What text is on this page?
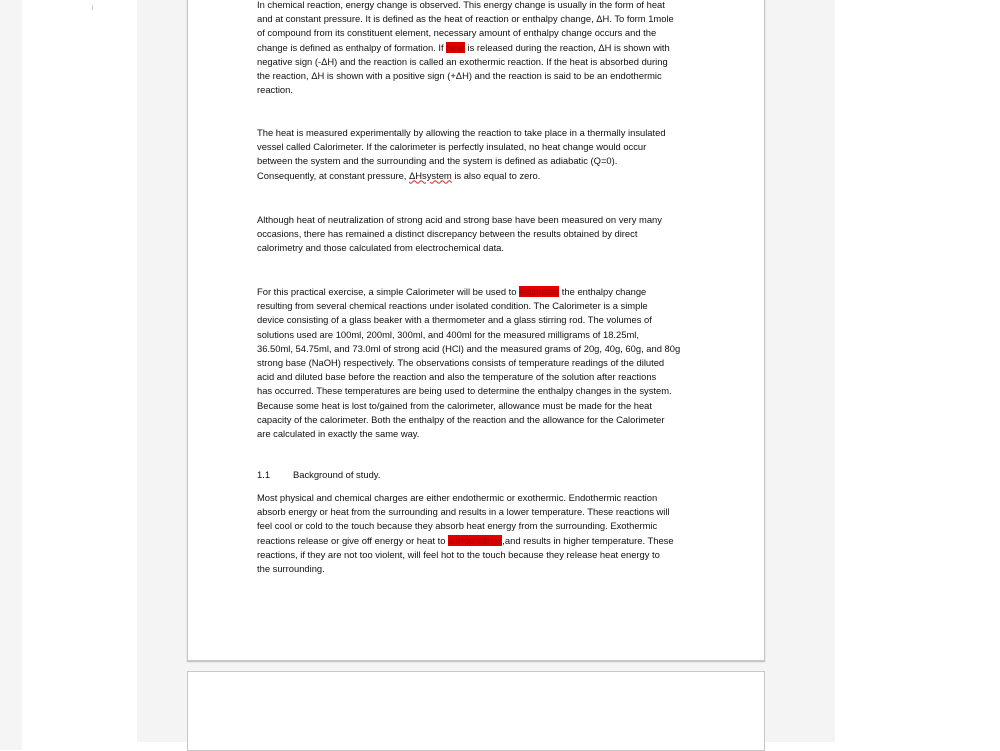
In chemical reaction, energy change is observed. This energy change is usually in the form of heat
and at constant pressure. It is defined as the heat of reaction or enthalpy change, ΔH. To form 1mole
of compound from its constituent element, necessary amount of enthalpy change occurs and the
change is defined as enthalpy of formation. If hear is released during the reaction, ΔH is shown with
negative sign (-ΔH) and the reaction is called an exothermic reaction. If the heat is absorbed during
the reaction, ΔH is shown with a positive sign (+ΔH) and the reaction is said to be an endothermic
reaction.
The heat is measured experimentally by allowing the reaction to take place in a thermally insulated
vessel called Calorimeter. If the calorimeter is perfectly insulated, no heat change would occur
between the system and the surrounding and the system is defined as adiabatic (Q=0).
Consequently, at constant pressure, ΔHsystem is also equal to zero.
Although heat of neutralization of strong acid and strong base have been measured on very many
occasions, there has remained a distinct discrepancy between the results obtained by direct
calorimetry and those calculated from electrochemical data.
For this practical exercise, a simple Calorimeter will be used to estimates the enthalpy change
resulting from several chemical reactions under isolated condition. The Calorimeter is a simple
device consisting of a glass beaker with a thermometer and a glass stirring rod. The volumes of
solutions used are 100ml, 200ml, 300ml, and 400ml for the measured milligrams of 18.25ml,
36.50ml, 54.75ml, and 73.0ml of strong acid (HCl) and the measured grams of 20g, 40g, 60g, and 80g
strong base (NaOH) respectively. The observations consists of temperature readings of the diluted
acid and diluted base before the reaction and also the temperature of the solution after reactions
has occurred. These temperatures are being used to determine the enthalpy changes in the system.
Because some heat is lost to/gained from the calorimeter, allowance must be made for the heat
capacity of the calorimeter. Both the enthalpy of the reaction and the allowance for the Calorimeter
are calculated in exactly the same way.
1.1 Background of study.
Most physical and chemical charges are either endothermic or exothermic. Endothermic reaction
absorb energy or heat from the surrounding and results in a lower temperature. These reactions will
feel cool or cold to the touch because they absorb heat energy from the surrounding. Exothermic
reactions release or give off energy or heat to surroundings,and results in higher temperature. These
reactions, if they are not too violent, will feel hot to the touch because they release heat energy to
the surrounding.
